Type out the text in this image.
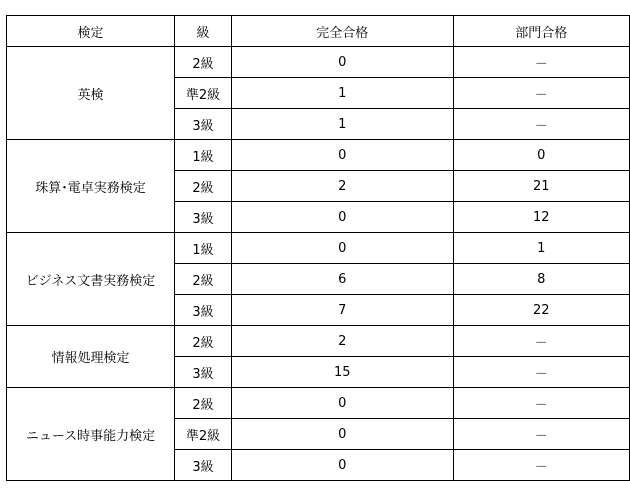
検定	級	完全合格	部門合格
英検	2級	0	－
	準2級	1	－
	3級	1	－
珠算･電卓実務検定	1級	0	0
	2級	2	21
	3級	0	12
ビジネス文書実務検定	1級	0	1
	2級	6	8
	3級	7	22
情報処理検定	2級	2	－
	3級	15	－
ニュース時事能力検定	2級	0	－
	準2級	0	－
	3級	0	－
